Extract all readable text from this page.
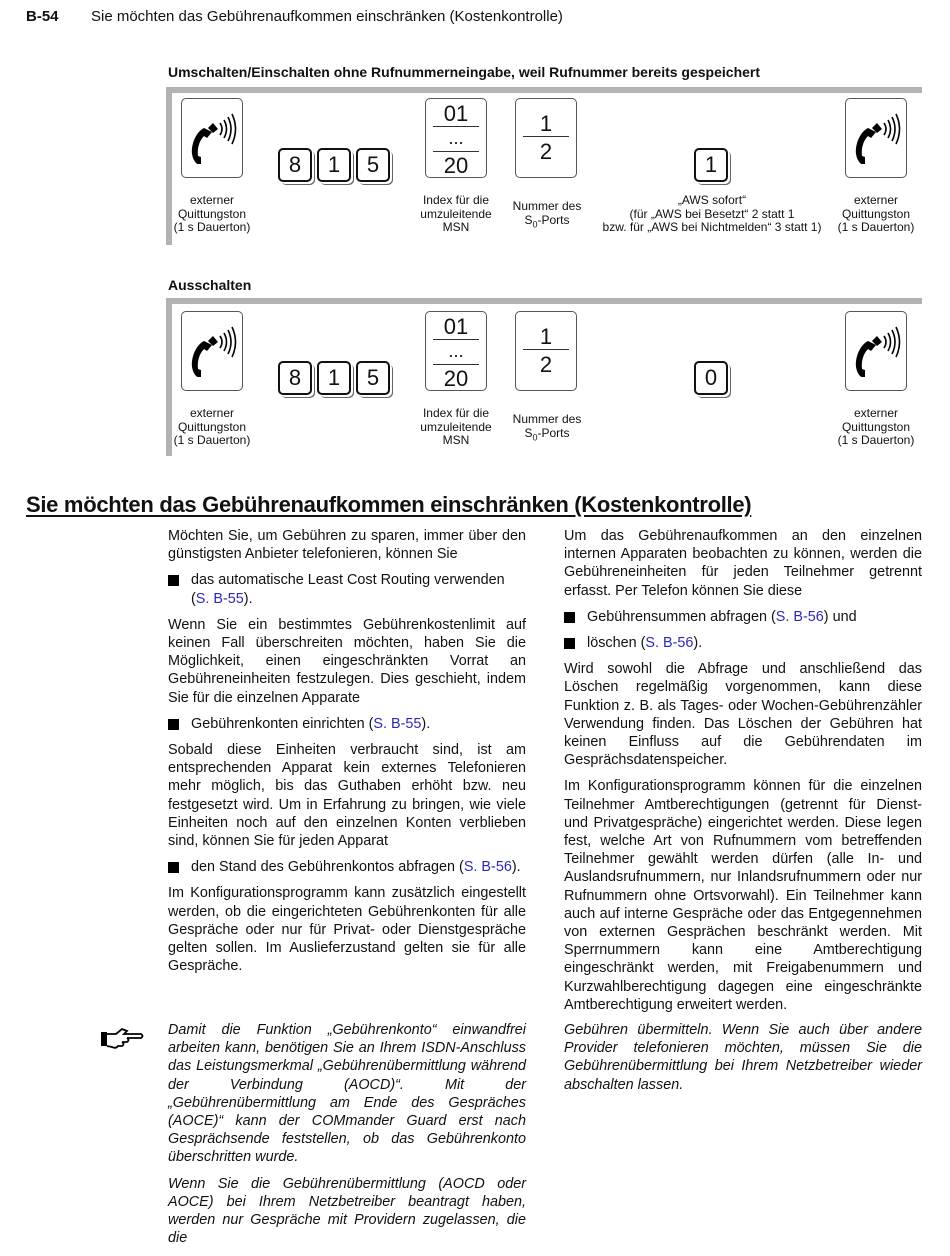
B-54 Sie möchten das Gebührenaufkommen einschränken (Kostenkontrolle)
Umschalten/Einschalten ohne Rufnummerneingabe, weil Rufnummer bereits gespeichert
externer
Quittungston
(1 s Dauerton)
8	1	5
01
...
20
Index für die
umzuleitende
MSN
1
2
Nummer des
$S_0$-Ports
1
„AWS sofort“
(für „AWS bei Besetzt“ 2 statt 1
bzw. für „AWS bei Nichtmelden“ 3 statt 1)
externer
Quittungston
(1 s Dauerton)
Ausschalten
externer
Quittungston
(1 s Dauerton)
8	1	5
01
...
20
Index für die
umzuleitende
MSN
1
2
Nummer des
$S_0$-Ports
0
externer
Quittungston
(1 s Dauerton)
Sie möchten das Gebührenaufkommen einschränken (Kostenkontrolle)

Möchten Sie, um Gebühren zu sparen, immer über den günstigsten Anbieter telefonieren, können Sie

das automatische Least Cost Routing verwenden (S. B-55).

Wenn Sie ein bestimmtes Gebührenkostenlimit auf keinen Fall überschreiten möchten, haben Sie die Möglichkeit, einen eingeschränkten Vorrat an Gebühreneinheiten festzulegen. Dies geschieht, indem Sie für die einzelnen Apparate

Gebührenkonten einrichten (S. B-55).

Sobald diese Einheiten verbraucht sind, ist am entsprechenden Apparat kein externes Telefonieren mehr möglich, bis das Guthaben erhöht bzw. neu festgesetzt wird. Um in Erfahrung zu bringen, wie viele Einheiten noch auf den einzelnen Konten verblieben sind, können Sie für jeden Apparat

den Stand des Gebührenkontos abfragen (S. B-56).

Im Konfigurationsprogramm kann zusätzlich eingestellt werden, ob die eingerichteten Gebührenkonten für alle Gespräche oder nur für Privat- oder Dienstgespräche gelten sollen. Im Auslieferzustand gelten sie für alle Gespräche.

Um das Gebührenaufkommen an den einzelnen internen Apparaten beobachten zu können, werden die Gebühreneinheiten für jeden Teilnehmer getrennt erfasst. Per Telefon können Sie diese

Gebührensummen abfragen (S. B-56) und
löschen (S. B-56).

Wird sowohl die Abfrage und anschließend das Löschen regelmäßig vorgenommen, kann diese Funktion z. B. als Tages- oder Wochen-Gebührenzähler Verwendung finden. Das Löschen der Gebühren hat keinen Einfluss auf die Gebührendaten im Gesprächsdatenspeicher.

Im Konfigurationsprogramm können für die einzelnen Teilnehmer Amtberechtigungen (getrennt für Dienst- und Privatgespräche) eingerichtet werden. Diese legen fest, welche Art von Rufnummern vom betreffenden Teilnehmer gewählt werden dürfen (alle In- und Auslandsrufnummern, nur Inlandsrufnummern oder nur Rufnummern ohne Ortsvorwahl). Ein Teilnehmer kann auch auf interne Gespräche oder das Entgegennehmen von externen Gesprächen beschränkt werden. Mit Sperrnummern kann eine Amtberechtigung eingeschränkt werden, mit Freigabenummern und Kurzwahlberechtigung dagegen eine eingeschränkte Amtberechtigung erweitert werden.

Damit die Funktion „Gebührenkonto“ einwandfrei arbeiten kann, benötigen Sie an Ihrem ISDN-Anschluss das Leistungsmerkmal „Gebührenübermittlung während der Verbindung (AOCD)“. Mit der „Gebührenübermittlung am Ende des Gespräches (AOCE)“ kann der COMmander Guard erst nach Gesprächsende feststellen, ob das Gebührenkonto überschritten wurde.

Wenn Sie die Gebührenübermittlung (AOCD oder AOCE) bei Ihrem Netzbetreiber beantragt haben, werden nur Gespräche mit Providern zugelassen, die die

Gebühren übermitteln. Wenn Sie auch über andere Provider telefonieren möchten, müssen Sie die Gebührenübermittlung bei Ihrem Netzbetreiber wieder abschalten lassen.
